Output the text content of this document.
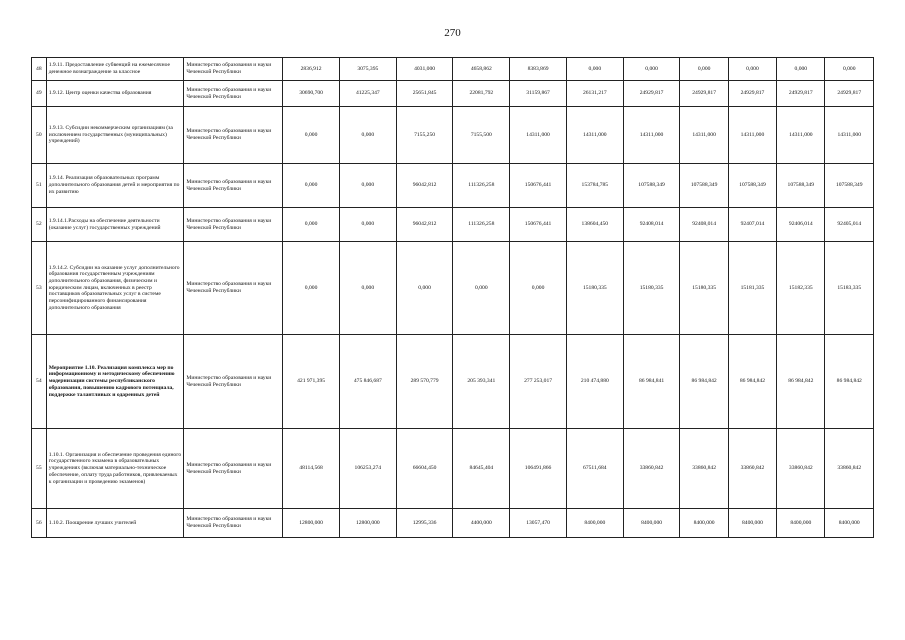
270
48	1.9.11. Предоставление субвенций на ежемесячное денежное вознаграждение за классное	Министерство образования и науки Чеченской Республики	2836,912	3075,395	4031,000	4658,862	8383,869	0,000	0,000	0,000	0,000	0,000	0,000
49	1.9.12. Центр оценки качества образования	Министерство образования и науки Чеченской Республики	30690,700	41225,347	25651,845	22081,792	31159,867	26131,217	24929,817	24929,817	24929,817	24929,817	24929,817
50	1.9.13. Субсидии некоммерческим организациям (за исключением государственных (муниципальных) учреждений)	Министерство образования и науки Чеченской Республики	0,000	0,000	7155,250	7155,500	14311,000	14311,000	14311,000	14311,000	14311,000	14311,000	14311,000
51	1.9.14. Реализация образовательных программ дополнительного образования детей и мероприятия по их развитию	Министерство образования и науки Чеченской Республики	0,000	0,000	96042,812	111326,258	150676,441	153784,785	107588,349	107588,349	107588,349	107588,349	107588,349
52	1.9.14.1.Расходы на обеспечение деятельности (оказание услуг) государственных учреждений	Министерство образования и науки Чеченской Республики	0,000	0,000	96042,812	111326,258	150676,441	138604,450	92408,014	92408,014	92407,014	92406,014	92405,014
53	1.9.14.2. Субсидии на оказание услуг дополнительного образования государственным учреждениям дополнительного образования, физическим и юридическим лицам, включенных в реестр поставщиков образовательных услуг в системе персонифицированного финансирования дополнительного образования	Министерство образования и науки Чеченской Республики	0,000	0,000	0,000	0,000	0,000	15180,335	15180,335	15180,335	15181,335	15182,335	15183,335
54	Мероприятие 1.10. Реализация комплекса мер по информационному и методическому обеспечению модернизации системы республиканского образования, повышению кадрового потенциала, поддержке талантливых и одаренных детей	Министерство образования и науки Чеченской Республики	421 971,395	475 846,687	289 570,779	205 393,341	277 253,017	210 474,880	86 984,841	86 984,842	86 984,842	86 984,842	86 984,842
55	1.10.1. Организация и обеспечение проведения единого государственного экзамена в образовательных учреждениях (включая материально-техническое обеспечение, оплату труда работников, привлекаемых к организации и проведению экзаменов)	Министерство образования и науки Чеченской Республики	48114,568	106253,274	66604,450	84645,404	106491,866	67511,684	33860,842	33860,842	33860,842	33860,842	33860,842
56	1.10.2. Поощрение лучших учителей	Министерство образования и науки Чеченской Республики	12800,000	12800,000	12995,336	4400,000	13057,470	8400,000	8400,000	8400,000	8400,000	8400,000	8400,000
